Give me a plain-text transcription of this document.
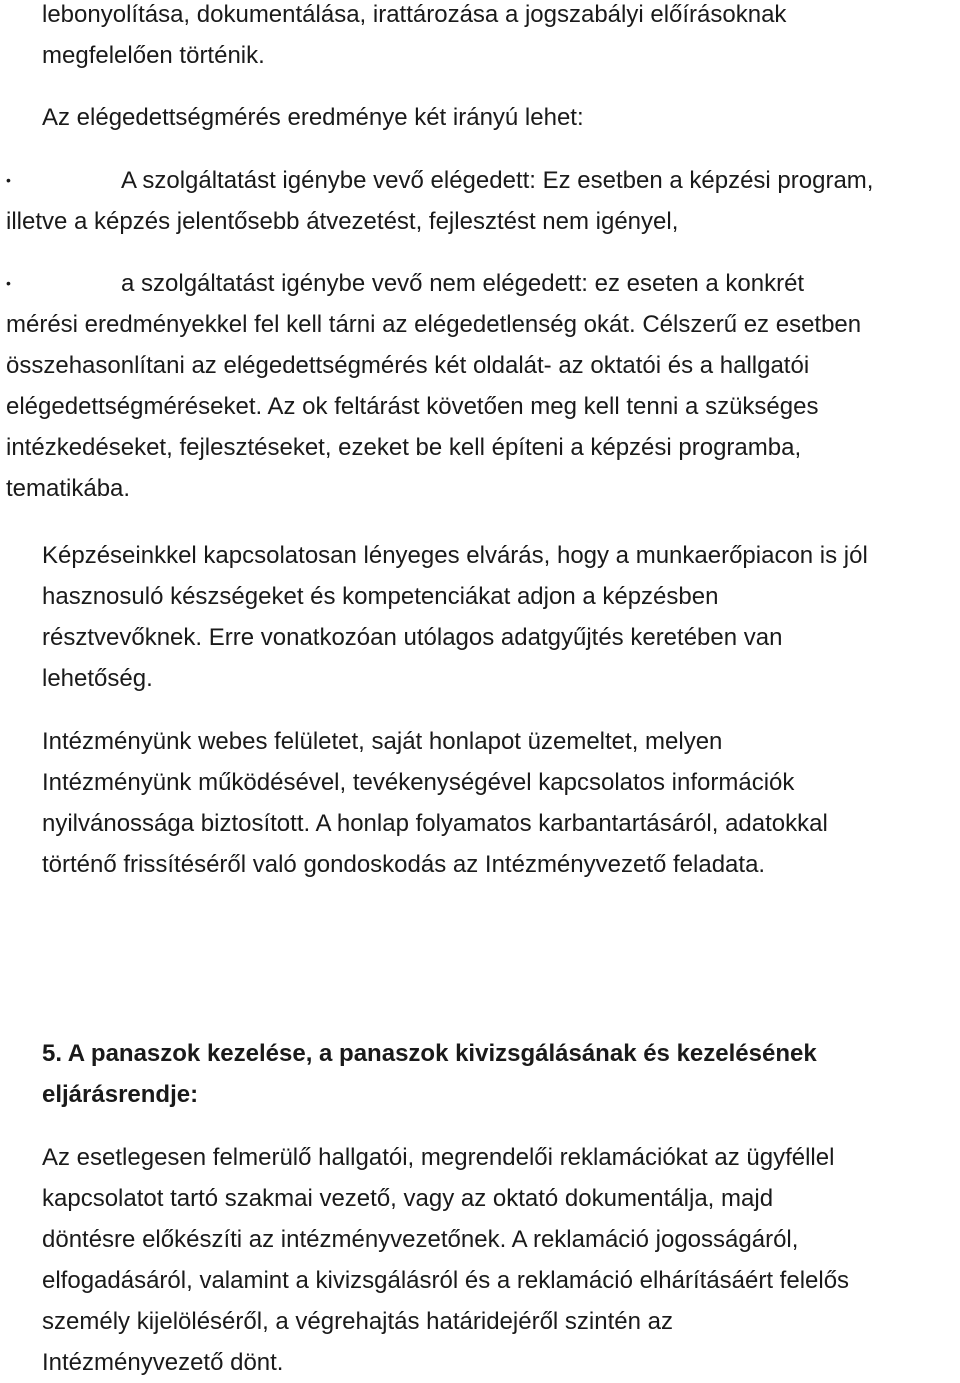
lebonyolítása, dokumentálása, irattározása a jogszabályi előírásoknak
megfelelően történik.
Az elégedettségmérés eredménye két irányú lehet:
•	A szolgáltatást igénybe vevő elégedett: Ez esetben a képzési program,
illetve a képzés jelentősebb átvezetést, fejlesztést nem igényel,
•	a szolgáltatást igénybe vevő nem elégedett: ez eseten a konkrét
mérési eredményekkel fel kell tárni az elégedetlenség okát. Célszerű ez esetben
összehasonlítani az elégedettségmérés két oldalát- az oktatói és a hallgatói
elégedettségméréseket. Az ok feltárást követően meg kell tenni a szükséges
intézkedéseket, fejlesztéseket, ezeket be kell építeni a képzési programba,
tematikába.
Képzéseinkkel kapcsolatosan lényeges elvárás, hogy a munkaerőpiacon is jól
hasznosuló készségeket és kompetenciákat adjon a képzésben
résztvevőknek. Erre vonatkozóan utólagos adatgyűjtés keretében van
lehetőség.
Intézményünk webes felületet, saját honlapot üzemeltet, melyen
Intézményünk működésével, tevékenységével kapcsolatos információk
nyilvánossága biztosított. A honlap folyamatos karbantartásáról, adatokkal
történő frissítéséről való gondoskodás az Intézményvezető feladata.
5. A panaszok kezelése, a panaszok kivizsgálásának és kezelésének
eljárásrendje:
Az esetlegesen felmerülő hallgatói, megrendelői reklamációkat az ügyféllel
kapcsolatot tartó szakmai vezető, vagy az oktató dokumentálja, majd
döntésre előkészíti az intézményvezetőnek. A reklamáció jogosságáról,
elfogadásáról, valamint a kivizsgálásról és a reklamáció elhárításáért felelős
személy kijelöléséről, a végrehajtás határidejéről szintén az
Intézményvezető dönt.
